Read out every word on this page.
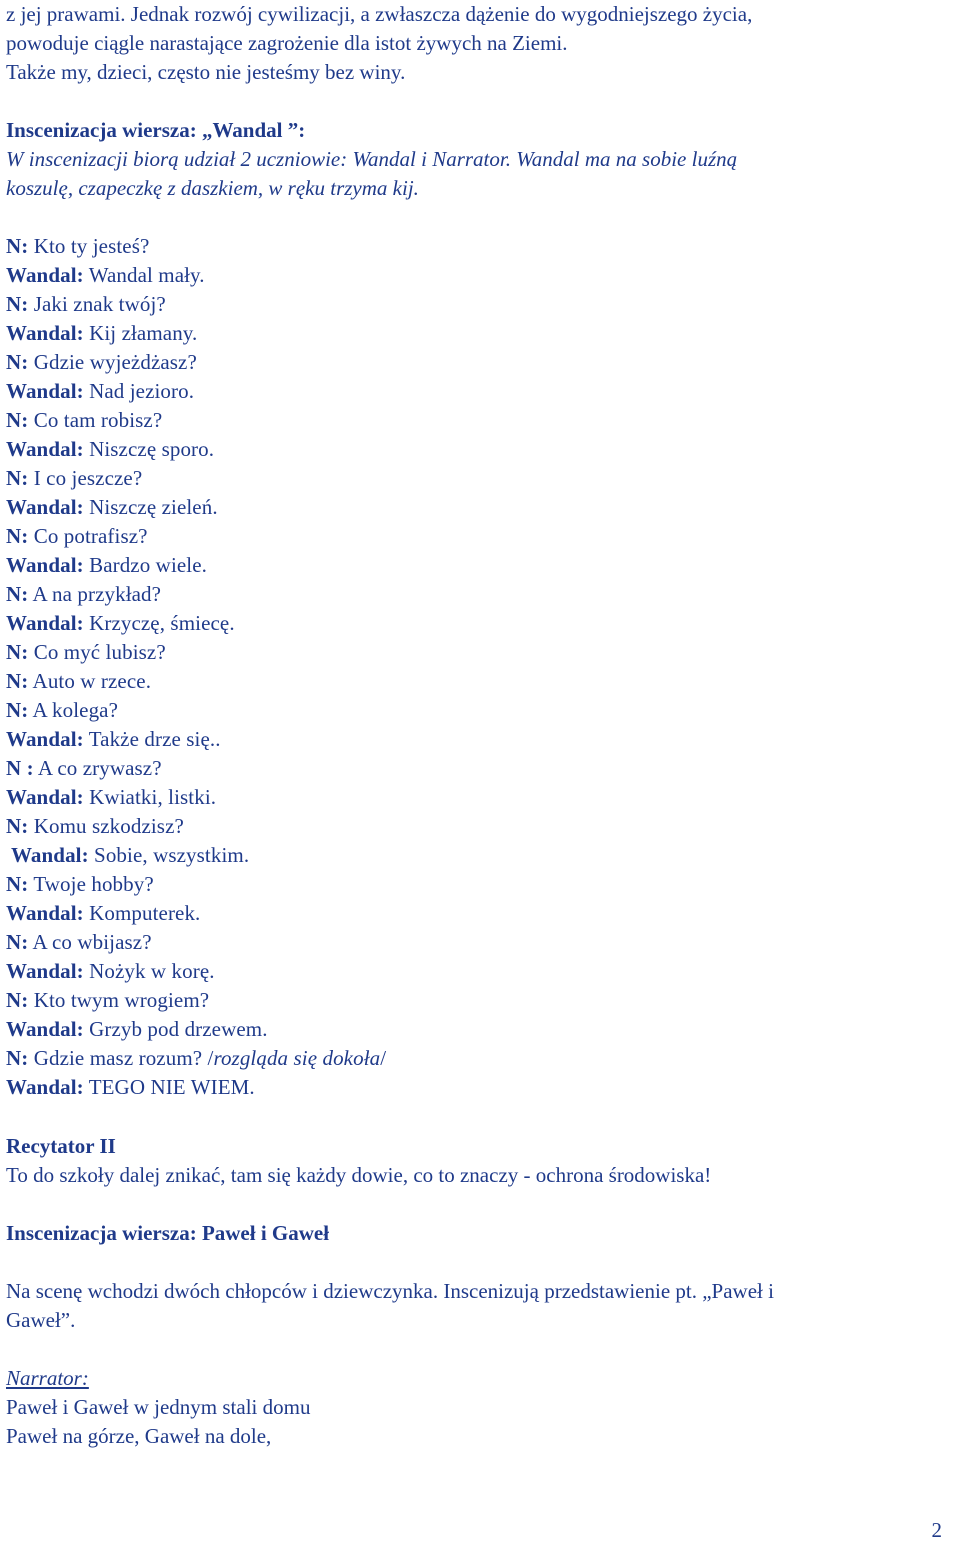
z jej prawami. Jednak rozwój cywilizacji, a zwłaszcza dążenie do wygodniejszego życia,
powoduje ciągle narastające zagrożenie dla istot żywych na Ziemi.
Także my, dzieci, często nie jesteśmy bez winy.
Inscenizacja wiersza: „Wandal ”:
W inscenizacji biorą udział 2 uczniowie: Wandal i Narrator. Wandal ma na sobie luźną
koszulę, czapeczkę z daszkiem, w ręku trzyma kij.
N: Kto ty jesteś?
Wandal: Wandal mały.
N: Jaki znak twój?
Wandal: Kij złamany.
N: Gdzie wyjeżdżasz?
Wandal: Nad jezioro.
N: Co tam robisz?
Wandal: Niszczę sporo.
N: I co jeszcze?
Wandal: Niszczę zieleń.
N: Co potrafisz?
Wandal: Bardzo wiele.
N: A na przykład?
Wandal: Krzyczę, śmiecę.
N: Co myć lubisz?
N: Auto w rzece.
N: A kolega?
Wandal: Także drze się..
N : A co zrywasz?
Wandal: Kwiatki, listki.
N: Komu szkodzisz?
Wandal: Sobie, wszystkim.
N: Twoje hobby?
Wandal: Komputerek.
N: A co wbijasz?
Wandal: Nożyk w korę.
N: Kto twym wrogiem?
Wandal: Grzyb pod drzewem.
N: Gdzie masz rozum? /rozgląda się dokoła/
Wandal: TEGO NIE WIEM.
Recytator II
To do szkoły dalej znikać, tam się każdy dowie, co to znaczy - ochrona środowiska!
Inscenizacja wiersza: Paweł i Gaweł
Na scenę wchodzi dwóch chłopców i dziewczynka. Inscenizują przedstawienie pt. „Paweł i
Gaweł”.
Narrator:
Paweł i Gaweł w jednym stali domu
Paweł na górze, Gaweł na dole,
2
